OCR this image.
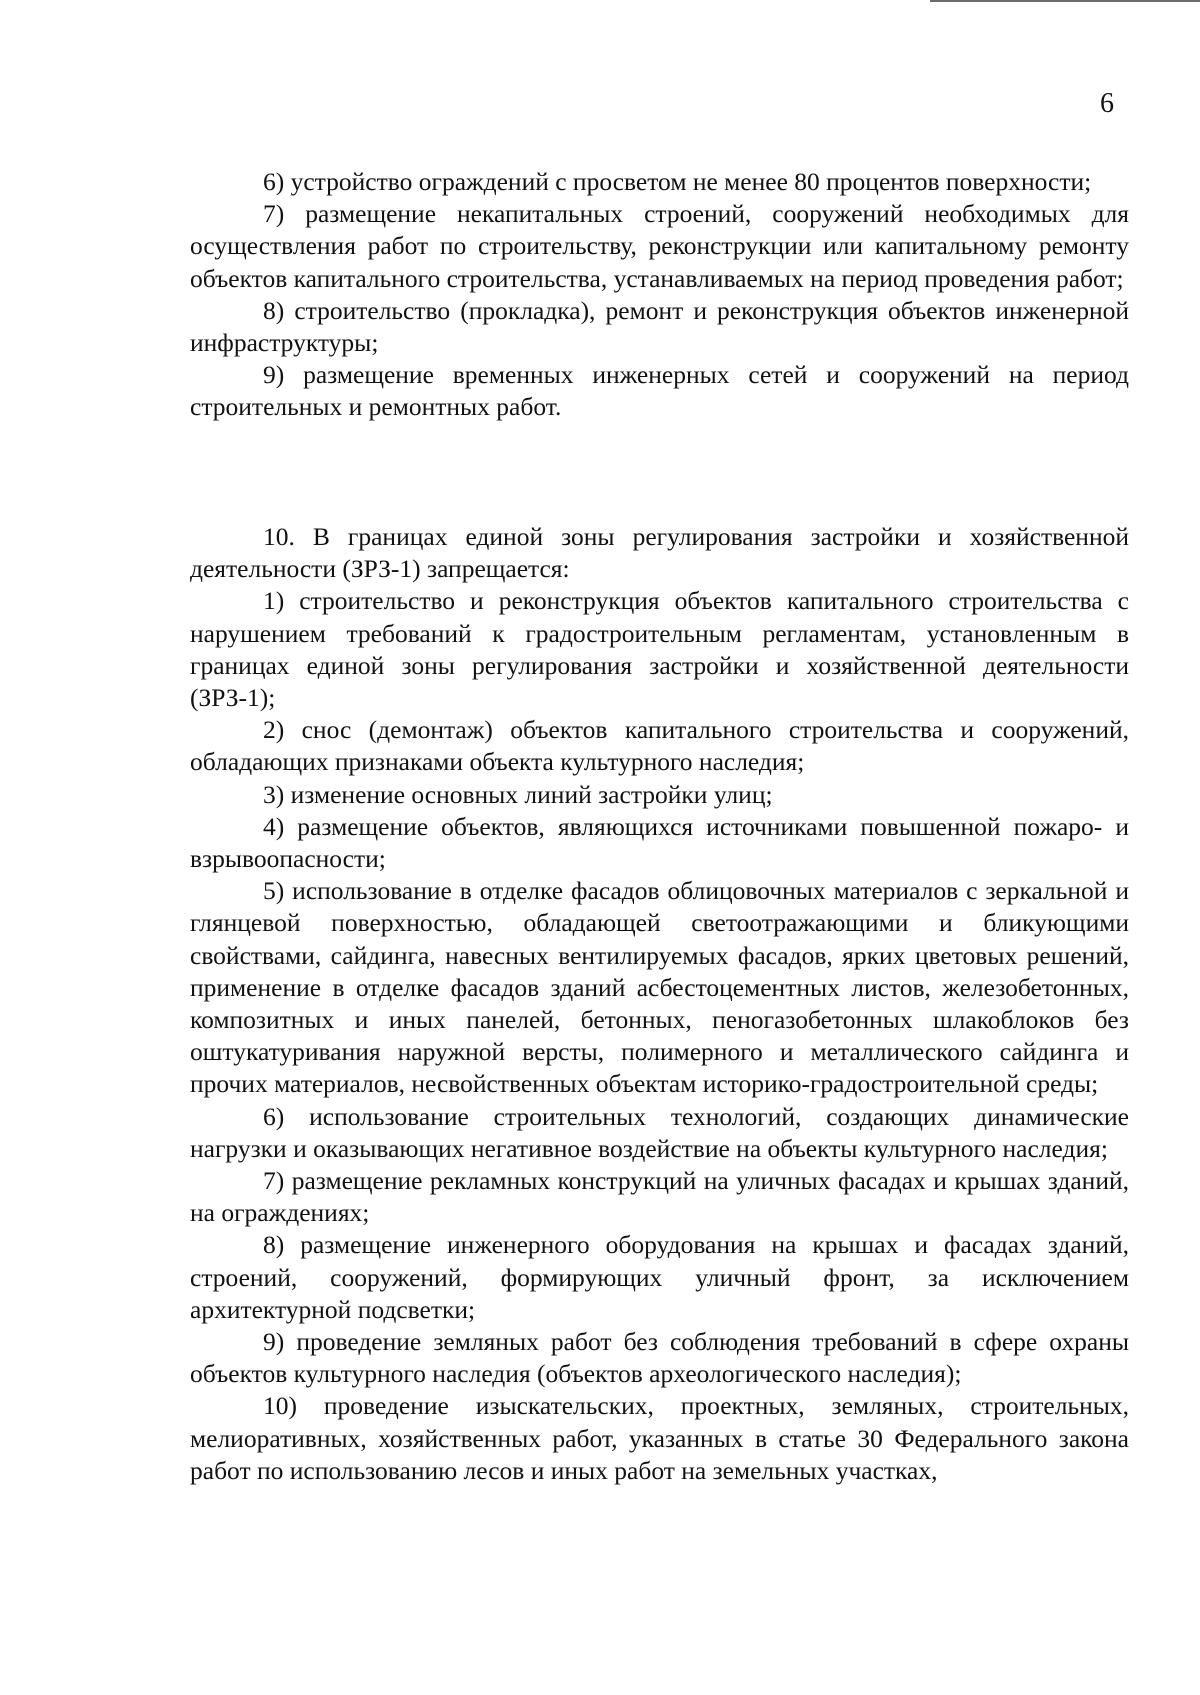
6

6) устройство ограждений с просветом не менее 80 процентов поверхности;

7) размещение некапитальных строений, сооружений необходимых для осуществления работ по строительству, реконструкции или капитальному ремонту объектов капитального строительства, устанавливаемых на период проведения работ;

8) строительство (прокладка), ремонт и реконструкция объектов инженерной инфраструктуры;

9) размещение временных инженерных сетей и сооружений на период строительных и ремонтных работ.

10. В границах единой зоны регулирования застройки и хозяйственной деятельности (ЗРЗ-1) запрещается:

1) строительство и реконструкция объектов капитального строительства с нарушением требований к градостроительным регламентам, установленным в границах единой зоны регулирования застройки и хозяйственной деятельности (ЗРЗ-1);

2) снос (демонтаж) объектов капитального строительства и сооружений, обладающих признаками объекта культурного наследия;

3) изменение основных линий застройки улиц;

4) размещение объектов, являющихся источниками повышенной пожаро- и взрывоопасности;

5) использование в отделке фасадов облицовочных материалов с зеркальной и глянцевой поверхностью, обладающей светоотражающими и бликующими свойствами, сайдинга, навесных вентилируемых фасадов, ярких цветовых решений, применение в отделке фасадов зданий асбестоцементных листов, железобетонных, композитных и иных панелей, бетонных, пеногазобетонных шлакоблоков без оштукатуривания наружной версты, полимерного и металлического сайдинга и прочих материалов, несвойственных объектам историко-градостроительной среды;

6) использование строительных технологий, создающих динамические нагрузки и оказывающих негативное воздействие на объекты культурного наследия;

7) размещение рекламных конструкций на уличных фасадах и крышах зданий, на ограждениях;

8) размещение инженерного оборудования на крышах и фасадах зданий, строений, сооружений, формирующих уличный фронт, за исключением архитектурной подсветки;

9) проведение земляных работ без соблюдения требований в сфере охраны объектов культурного наследия (объектов археологического наследия);

10) проведение изыскательских, проектных, земляных, строительных, мелиоративных, хозяйственных работ, указанных в статье 30 Федерального закона работ по использованию лесов и иных работ на земельных участках,
